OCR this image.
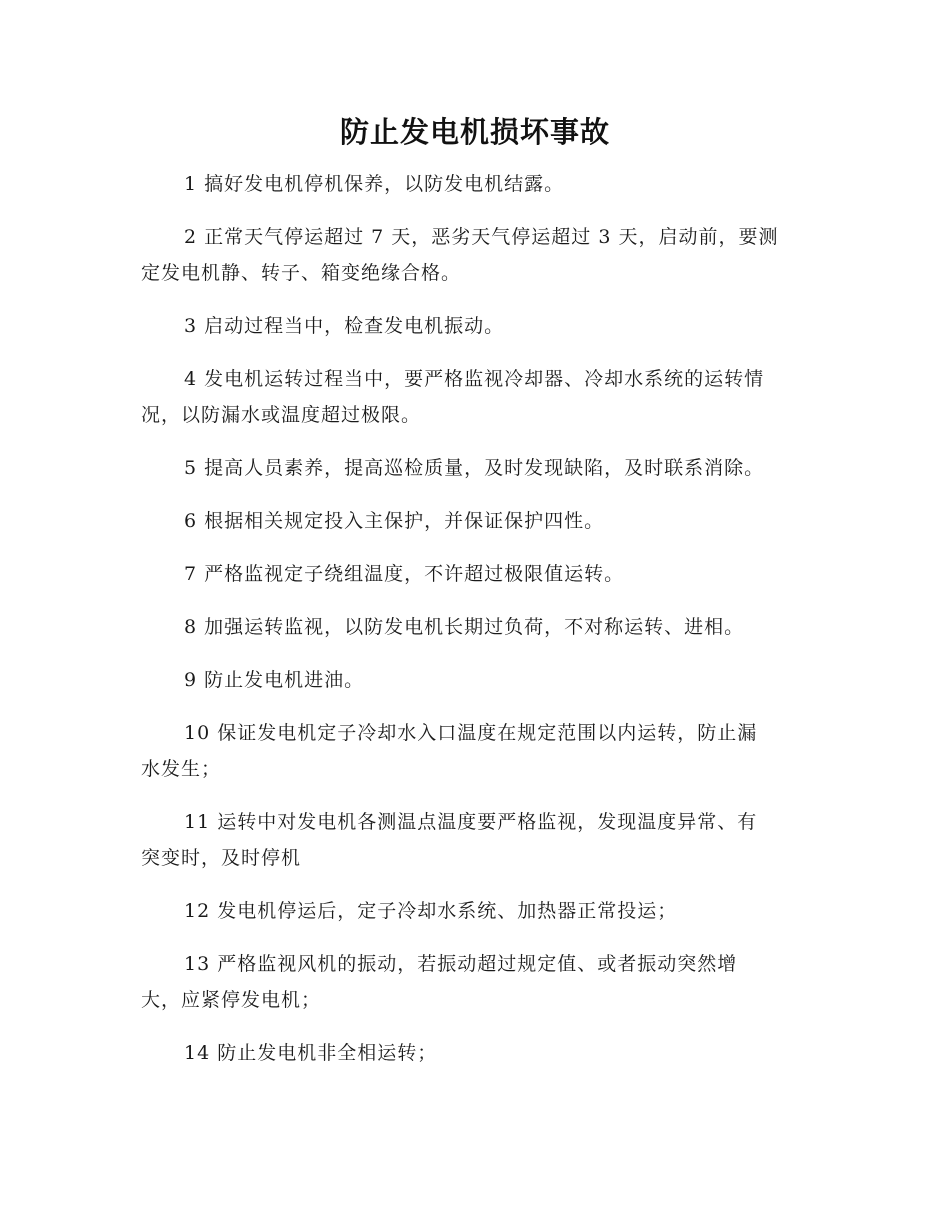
防止发电机损坏事故

1 搞好发电机停机保养，以防发电机结露。

2 正常天气停运超过 7 天，恶劣天气停运超过 3 天，启动前，要测
定发电机静、转子、箱变绝缘合格。

3 启动过程当中，检查发电机振动。

4 发电机运转过程当中，要严格监视冷却器、冷却水系统的运转情
况，以防漏水或温度超过极限。

5 提高人员素养，提高巡检质量，及时发现缺陷，及时联系消除。

6 根据相关规定投入主保护，并保证保护四性。

7 严格监视定子绕组温度，不许超过极限值运转。

8 加强运转监视，以防发电机长期过负荷，不对称运转、进相。

9 防止发电机进油。

10 保证发电机定子冷却水入口温度在规定范围以内运转，防止漏
水发生；

11 运转中对发电机各测温点温度要严格监视，发现温度异常、有
突变时，及时停机

12 发电机停运后，定子冷却水系统、加热器正常投运；

13 严格监视风机的振动，若振动超过规定值、或者振动突然增
大，应紧停发电机；

14 防止发电机非全相运转；
